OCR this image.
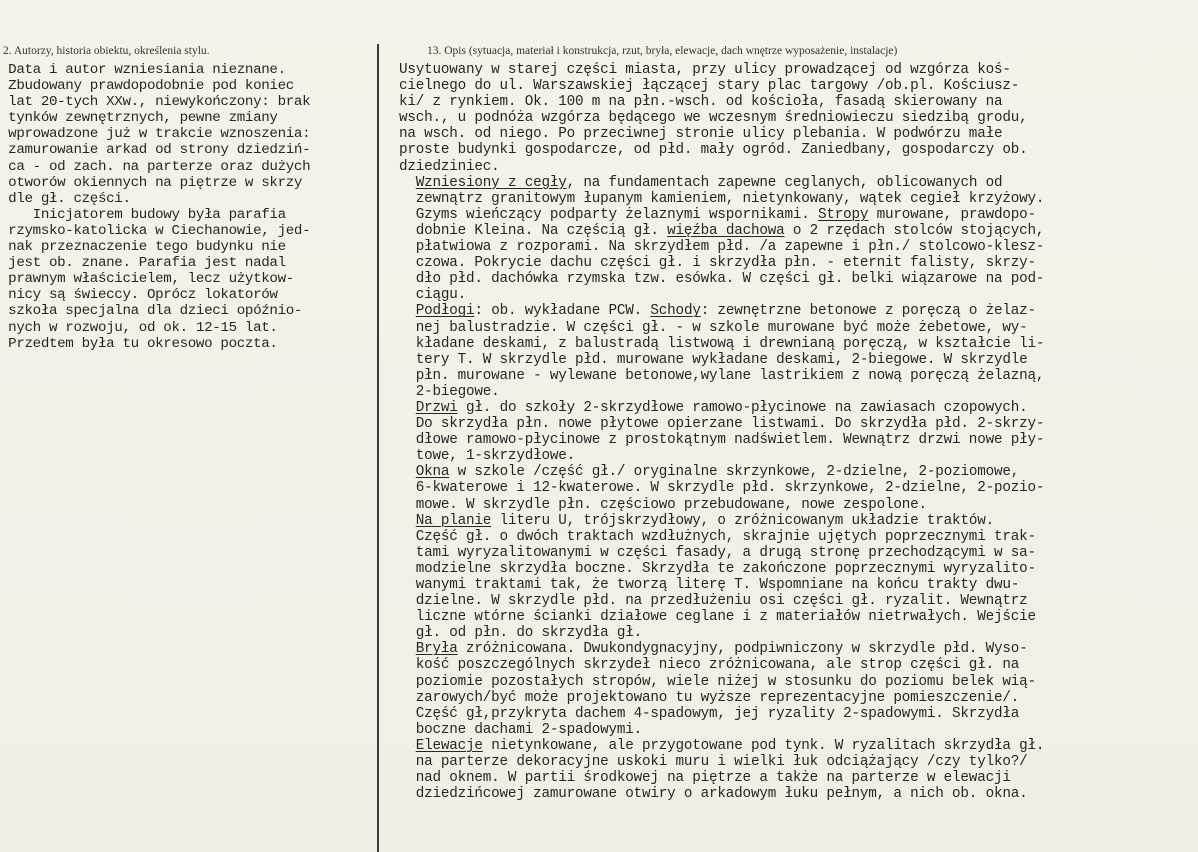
2. Autorzy, historia obiektu, określenia stylu.	13. Opis (sytuacja, materiał i konstrukcja, rzut, bryła, elewacje, dach wnętrze wyposażenie, instalacje)
Data i autor wzniesiania nieznane.
Zbudowany prawdopodobnie pod koniec
lat 20-tych XXw., niewykończony: brak
tynków zewnętrznych, pewne zmiany
wprowadzone już w trakcie wznoszenia:
zamurowanie arkad od strony dziedziń-
ca - od zach. na parterze oraz dużych
otworów okiennych na piętrze w skrzy
dle gł. części.
Inicjatorem budowy była parafia
rzymsko-katolicka w Ciechanowie, jed-
nak przeznaczenie tego budynku nie
jest ob. znane. Parafia jest nadal
prawnym właścicielem, lecz użytkow-
nicy są świeccy. Oprócz lokatorów
szkoła specjalna dla dzieci opóźnio-
nych w rozwoju, od ok. 12-15 lat.
Przedtem była tu okresowo poczta.
Usytuowany w starej części miasta, przy ulicy prowadzącej od wzgórza koś-
cielnego do ul. Warszawskiej łączącej stary plac targowy /ob.pl. Kościusz-
ki/ z rynkiem. Ok. 100 m na płn.-wsch. od kościoła, fasadą skierowany na
wsch., u podnóża wzgórza będącego we wczesnym średniowieczu siedzibą grodu,
na wsch. od niego. Po przeciwnej stronie ulicy plebania. W podwórzu małe
proste budynki gospodarcze, od płd. mały ogród. Zaniedbany, gospodarczy ob.
dziedziniec.
Wzniesiony z cegły, na fundamentach zapewne ceglanych, oblicowanych od
zewnątrz granitowym łupanym kamieniem, nietynkowany, wątek cegieł krzyżowy.
Gzyms wieńczący podparty żelaznymi wspornikami. Stropy murowane, prawdopo-
dobnie Kleina. Na częścią gł. więźba dachowa o 2 rzędach stolców stojących,
płatwiowa z rozporami. Na skrzydłem płd. /a zapewne i płn./ stolcowo-klesz-
czowa. Pokrycie dachu części gł. i skrzydła płn. - eternit falisty, skrzy-
dło płd. dachówka rzymska tzw. esówka. W części gł. belki wiązarowe na pod-
ciągu.
Podłogi: ob. wykładane PCW. Schody: zewnętrzne betonowe z poręczą o żelaz-
nej balustradzie. W części gł. - w szkole murowane być może żebetowe, wy-
kładane deskami, z balustradą listwową i drewnianą poręczą, w kształcie li-
tery T. W skrzydle płd. murowane wykładane deskami, 2-biegowe. W skrzydle
płn. murowane - wylewane betonowe,wylane lastrikiem z nową poręczą żelazną,
2-biegowe.
Drzwi gł. do szkoły 2-skrzydłowe ramowo-płycinowe na zawiasach czopowych.
Do skrzydła płn. nowe płytowe opierzane listwami. Do skrzydła płd. 2-skrzy-
dłowe ramowo-płycinowe z prostokątnym nadświetlem. Wewnątrz drzwi nowe pły-
towe, 1-skrzydłowe.
Okna w szkole /część gł./ oryginalne skrzynkowe, 2-dzielne, 2-poziomowe,
6-kwaterowe i 12-kwaterowe. W skrzydle płd. skrzynkowe, 2-dzielne, 2-pozio-
mowe. W skrzydle płn. częściowo przebudowane, nowe zespolone.
Na planie literu U, trójskrzydłowy, o zróżnicowanym układzie traktów.
Część gł. o dwóch traktach wzdłużnych, skrajnie ujętych poprzecznymi trak-
tami wyryzalitowanymi w części fasady, a drugą stronę przechodzącymi w sa-
modzielne skrzydła boczne. Skrzydła te zakończone poprzecznymi wyryzalito-
wanymi traktami tak, że tworzą literę T. Wspomniane na końcu trakty dwu-
dzielne. W skrzydle płd. na przedłużeniu osi części gł. ryzalit. Wewnątrz
liczne wtórne ścianki działowe ceglane i z materiałów nietrwałych. Wejście
gł. od płn. do skrzydła gł.
Bryła zróżnicowana. Dwukondygnacyjny, podpiwniczony w skrzydle płd. Wyso-
kość poszczególnych skrzydeł nieco zróżnicowana, ale strop części gł. na
poziomie pozostałych stropów, wiele niżej w stosunku do poziomu belek wią-
zarowych/być może projektowano tu wyższe reprezentacyjne pomieszczenie/.
Część gł,przykryta dachem 4-spadowym, jej ryzality 2-spadowymi. Skrzydła
boczne dachami 2-spadowymi.
Elewacje nietynkowane, ale przygotowane pod tynk. W ryzalitach skrzydła gł.
na parterze dekoracyjne uskoki muru i wielki łuk odciążający /czy tylko?/
nad oknem. W partii środkowej na piętrze a także na parterze w elewacji
dziedzińcowej zamurowane otwiry o arkadowym łuku pełnym, a nich ob. okna.
